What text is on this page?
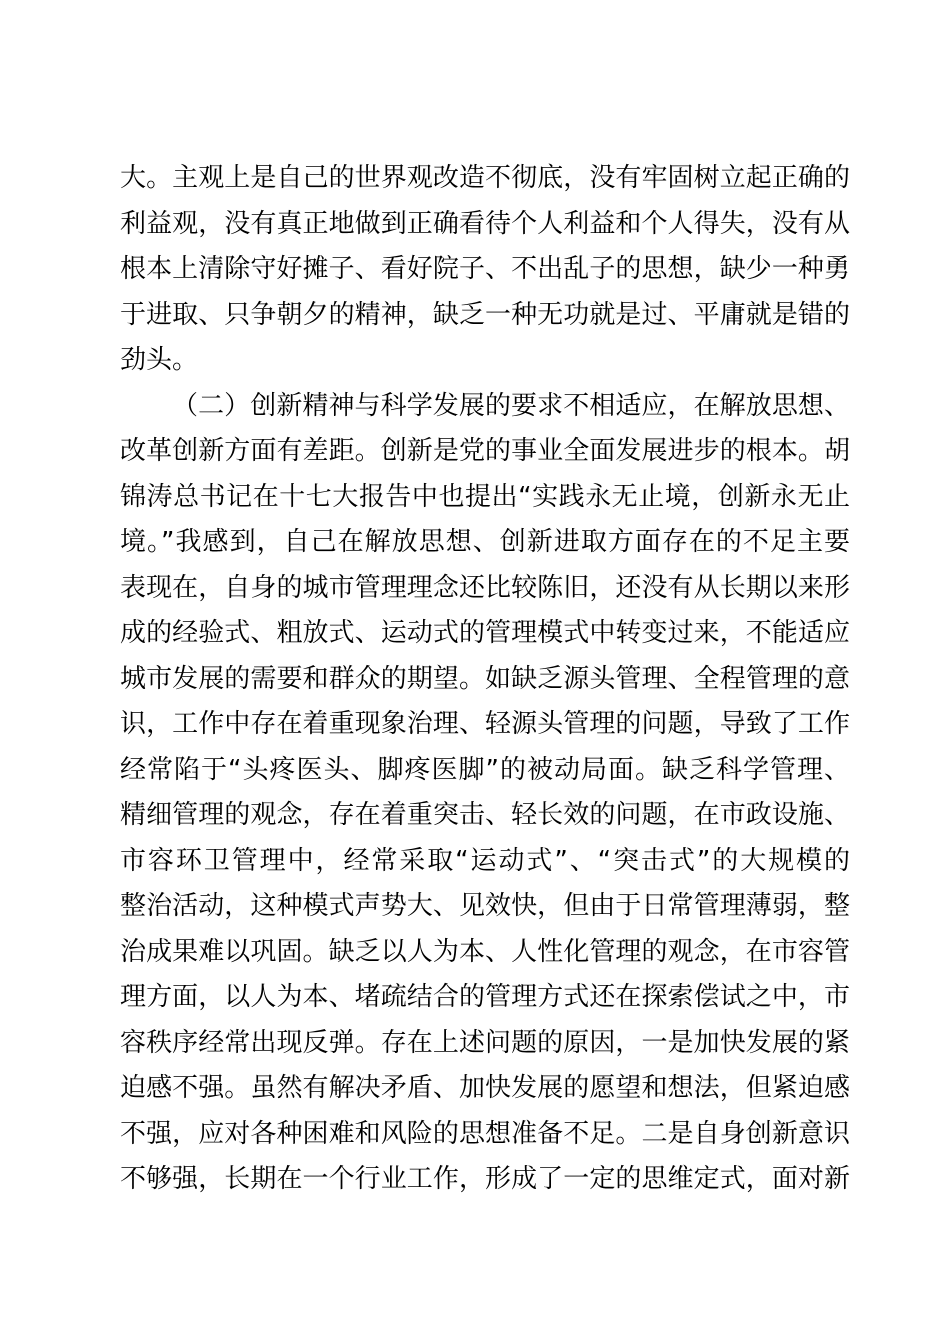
大。主观上是自己的世界观改造不彻底，没有牢固树立起正确的
利益观，没有真正地做到正确看待个人利益和个人得失，没有从
根本上清除守好摊子、看好院子、不出乱子的思想，缺少一种勇
于进取、只争朝夕的精神，缺乏一种无功就是过、平庸就是错的
劲头。
（二）创新精神与科学发展的要求不相适应，在解放思想、
改革创新方面有差距。创新是党的事业全面发展进步的根本。胡
锦涛总书记在十七大报告中也提出“实践永无止境，创新永无止
境。”我感到，自己在解放思想、创新进取方面存在的不足主要
表现在，自身的城市管理理念还比较陈旧，还没有从长期以来形
成的经验式、粗放式、运动式的管理模式中转变过来，不能适应
城市发展的需要和群众的期望。如缺乏源头管理、全程管理的意
识，工作中存在着重现象治理、轻源头管理的问题，导致了工作
经常陷于“头疼医头、脚疼医脚”的被动局面。缺乏科学管理、
精细管理的观念，存在着重突击、轻长效的问题，在市政设施、
市容环卫管理中，经常采取“运动式”、“突击式”的大规模的
整治活动，这种模式声势大、见效快，但由于日常管理薄弱，整
治成果难以巩固。缺乏以人为本、人性化管理的观念，在市容管
理方面，以人为本、堵疏结合的管理方式还在探索偿试之中，市
容秩序经常出现反弹。存在上述问题的原因，一是加快发展的紧
迫感不强。虽然有解决矛盾、加快发展的愿望和想法，但紧迫感
不强，应对各种困难和风险的思想准备不足。二是自身创新意识
不够强，长期在一个行业工作，形成了一定的思维定式，面对新
